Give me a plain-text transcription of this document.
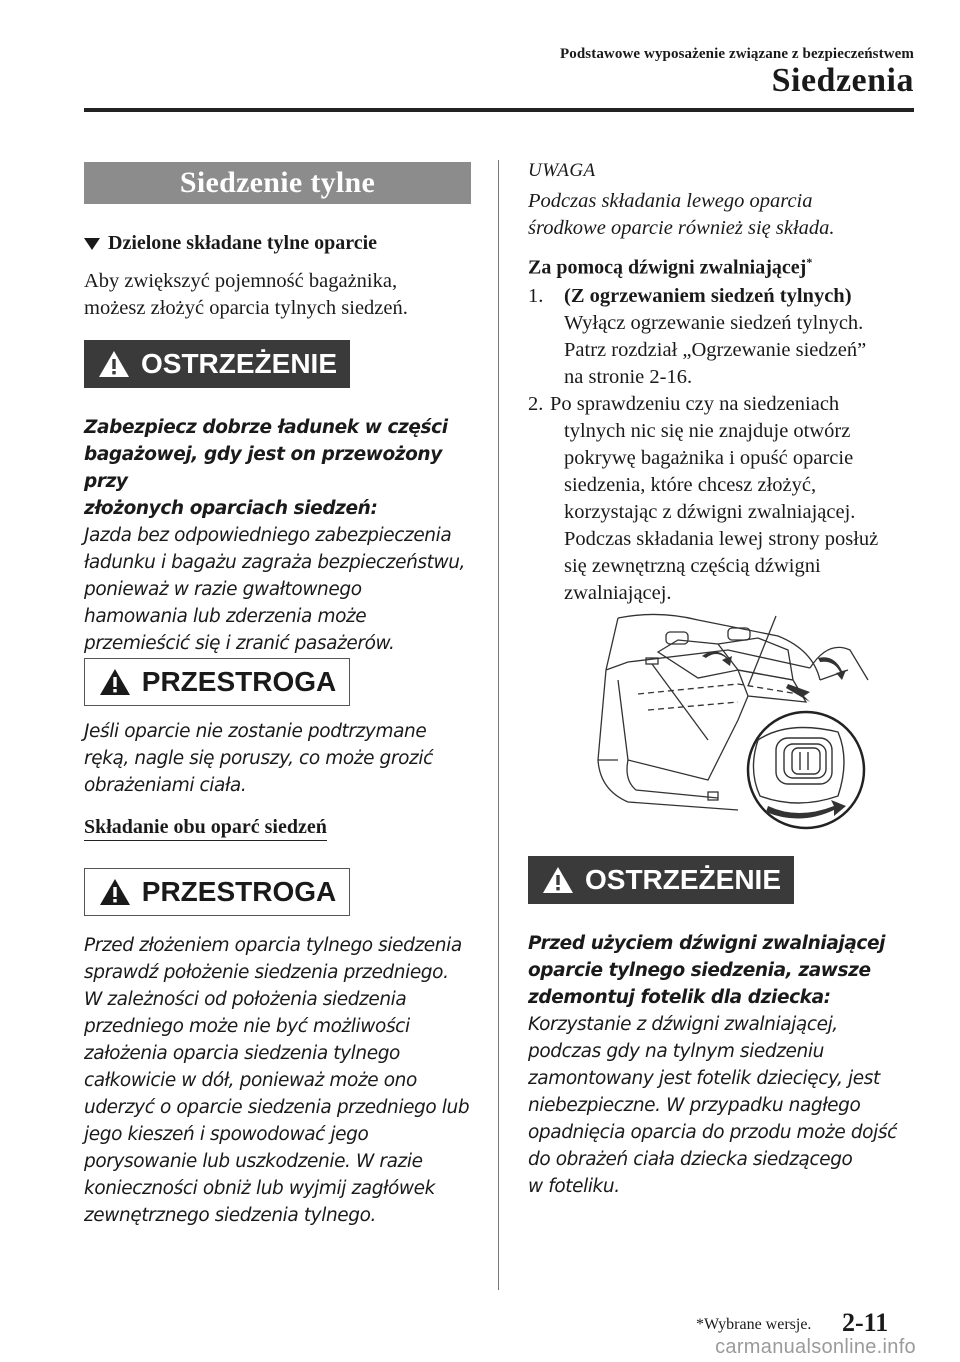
Podstawowe wyposażenie związane z bezpieczeństwem
Siedzenia
Siedzenie tylne
Dzielone składane tylne oparcie
Aby zwiększyć pojemność bagażnika,
możesz złożyć oparcia tylnych siedzeń.
OSTRZEŻENIE
Zabezpiecz dobrze ładunek w części
bagażowej, gdy jest on przewożony przy
złożonych oparciach siedzeń:
Jazda bez odpowiedniego zabezpieczenia
ładunku i bagażu zagraża bezpieczeństwu,
ponieważ w razie gwałtownego
hamowania lub zderzenia może
przemieścić się i zranić pasażerów.
PRZESTROGA
Jeśli oparcie nie zostanie podtrzymane
ręką, nagle się poruszy, co może grozić
obrażeniami ciała.
Składanie obu oparć siedzeń
PRZESTROGA
Przed złożeniem oparcia tylnego siedzenia
sprawdź położenie siedzenia przedniego.
W zależności od położenia siedzenia
przedniego może nie być możliwości
założenia oparcia siedzenia tylnego
całkowicie w dół, ponieważ może ono
uderzyć o oparcie siedzenia przedniego lub
jego kieszeń i spowodować jego
porysowanie lub uszkodzenie. W razie
konieczności obniż lub wyjmij zagłówek
zewnętrznego siedzenia tylnego.
UWAGA
Podczas składania lewego oparcia
środkowe oparcie również się składa.
Za pomocą dźwigni zwalniającej*
1. (Z ogrzewaniem siedzeń tylnych)
Wyłącz ogrzewanie siedzeń tylnych.
Patrz rozdział „Ogrzewanie siedzeń”
na stronie 2-16.
2. Po sprawdzeniu czy na siedzeniach
tylnych nic się nie znajduje otwórz
pokrywę bagażnika i opuść oparcie
siedzenia, które chcesz złożyć,
korzystając z dźwigni zwalniającej.
Podczas składania lewej strony posłuż
się zewnętrzną częścią dźwigni
zwalniającej.
OSTRZEŻENIE
Przed użyciem dźwigni zwalniającej
oparcie tylnego siedzenia, zawsze
zdemontuj fotelik dla dziecka:
Korzystanie z dźwigni zwalniającej,
podczas gdy na tylnym siedzeniu
zamontowany jest fotelik dziecięcy, jest
niebezpieczne. W przypadku nagłego
opadnięcia oparcia do przodu może dojść
do obrażeń ciała dziecka siedzącego
w foteliku.
*Wybrane wersje. 2-11
carmanualsonline.info
